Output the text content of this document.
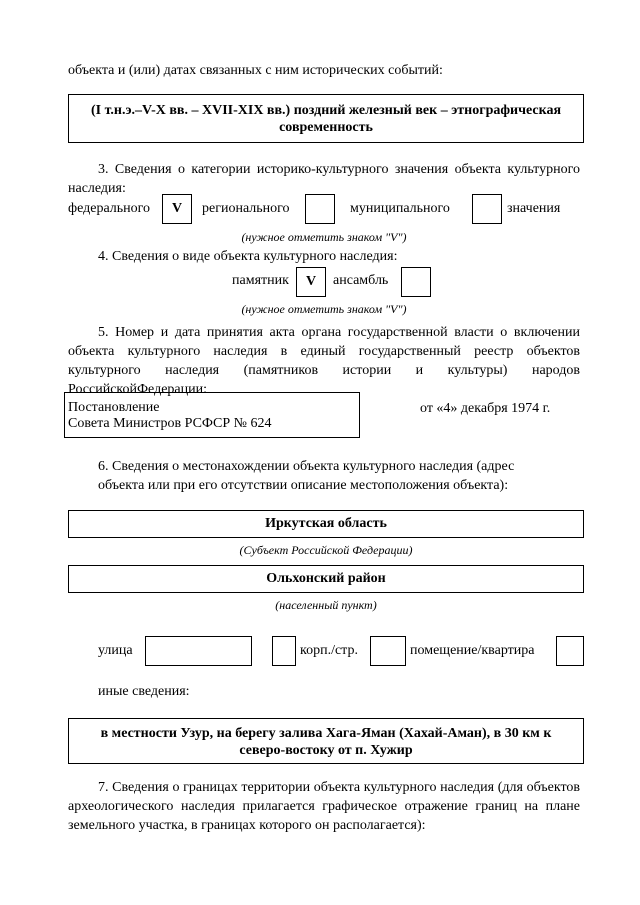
объекта и (или) датах связанных с ним исторических событий:
(I т.н.э.–V-X вв. – XVII-XIX вв.) поздний железный век – этнографическая современность
3. Сведения о категории историко-культурного значения объекта культурного наследия:
федерального	V	регионального	муниципального	значения
(нужное отметить знаком "V")
4. Сведения о виде объекта культурного наследия:
памятник	V	ансамбль
(нужное отметить знаком "V")
5. Номер и дата принятия акта органа государственной власти о включении объекта культурного наследия в единый государственный реестр объектов культурного наследия (памятников истории и культуры) народов РоссийскойФедерации:
Постановление
Совета Министров РСФСР № 624
от «4» декабря 1974 г.
6. Сведения о местонахождении объекта культурного наследия (адрес объекта или при его отсутствии описание местоположения объекта):
Иркутская область
(Субъект Российской Федерации)
Ольхонский район
(населенный пункт)
улица	корп./стр.	помещение/квартира
иные сведения:
в местности Узур, на берегу залива Хага-Яман (Хахай-Аман), в 30 км к северо-востоку от п. Хужир
7. Сведения о границах территории объекта культурного наследия (для объектов археологического наследия прилагается графическое отражение границ на плане земельного участка, в границах которого он располагается):
